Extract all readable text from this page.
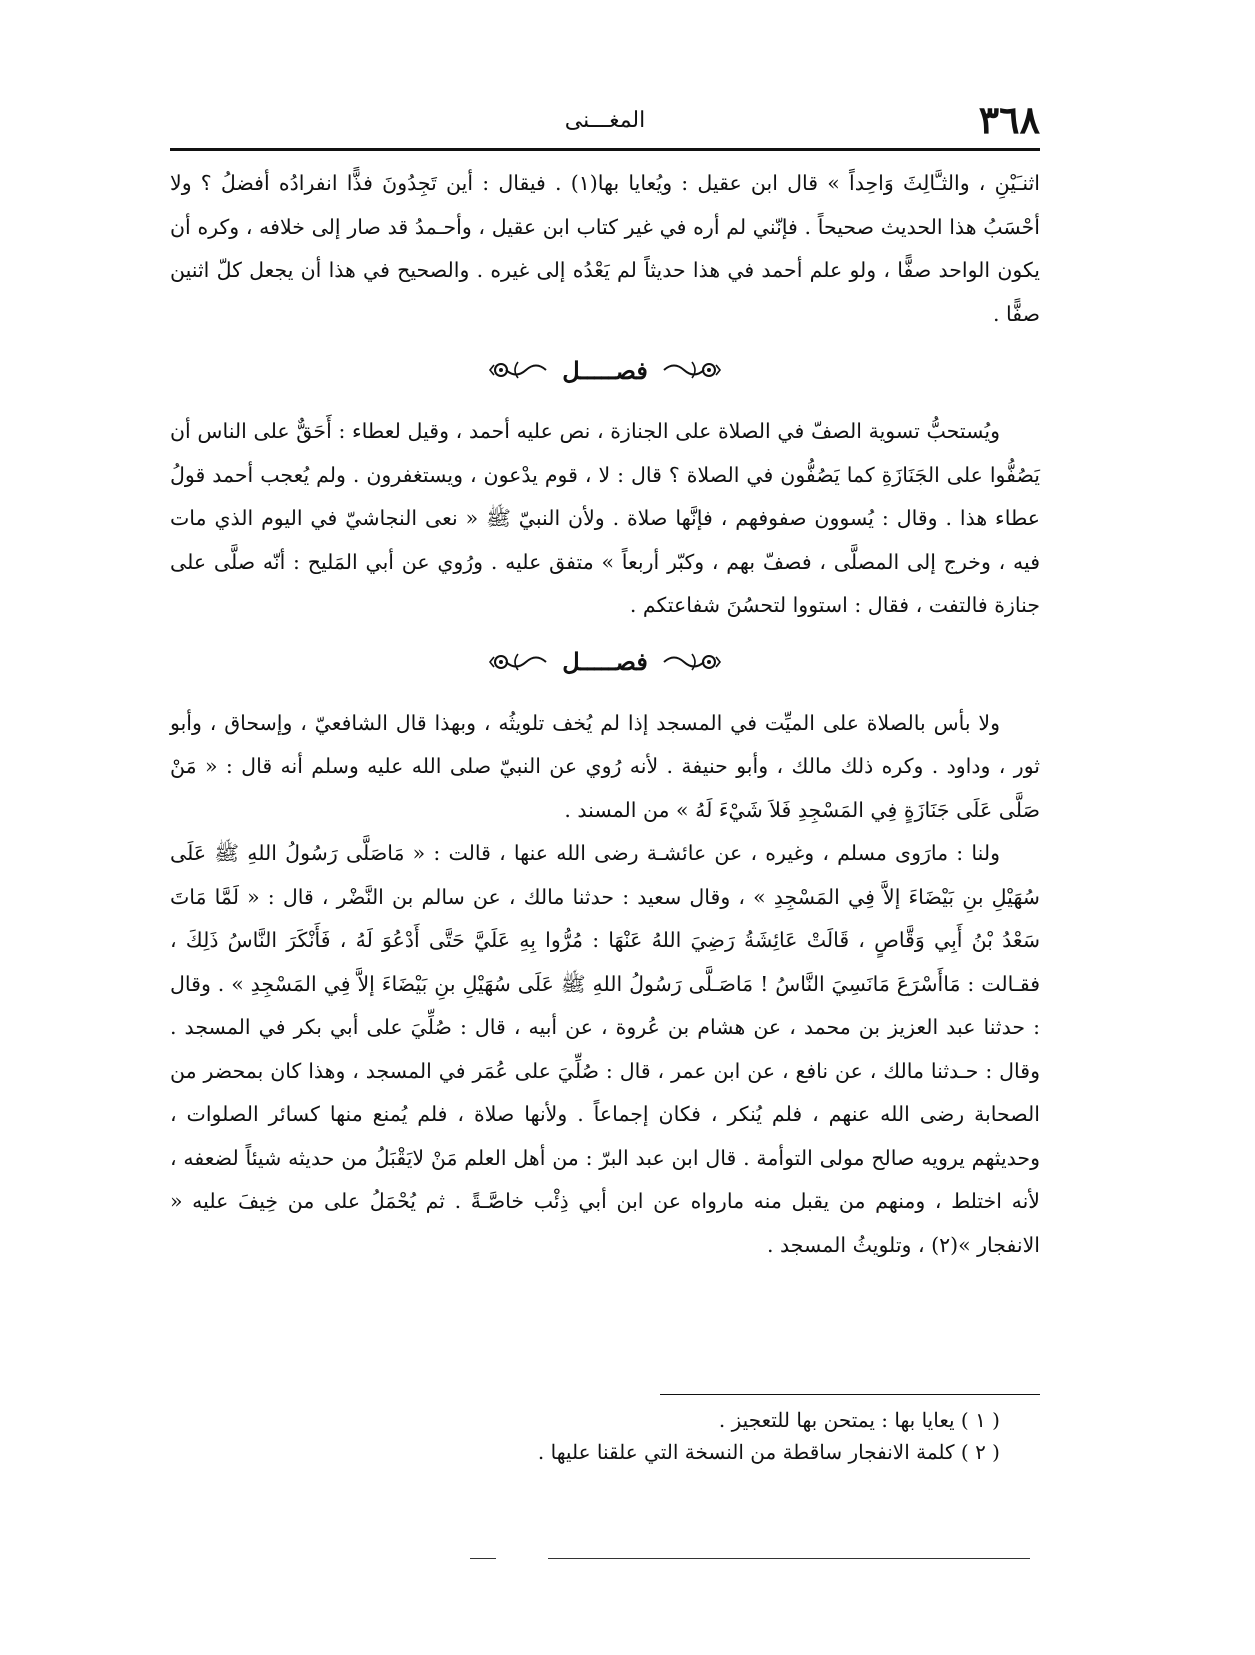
٣٦٨
المغـــنى

اثنـَيْنِ ، والثـَّالِثَ وَاحِداً » قال ابن عقيل : ويُعايا بها(١) . فيقال : أين تَجِدُونَ فذًّا انفرادُه أفضلُ ؟ ولا أحْسَبُ هذا الحديث صحيحاً . فإنّني لم أره في غير كتاب ابن عقيل ، وأحـمدُ قد صار إلى خلافه ، وكره أن يكون الواحد صفًّا ، ولو علم أحمد في هذا حديثاً لم يَعْدُه إلى غيره . والصحيح في هذا أن يجعل كلّ اثنين صفًّا .

فصـــــل

ويُستحبُّ تسوية الصفّ في الصلاة على الجنازة ، نص عليه أحمد ، وقيل لعطاء : أَحَقٌّ على الناس أن يَصُفُّوا على الجَنَازَةِ كما يَصُفُّون في الصلاة ؟ قال : لا ، قوم يدْعون ، ويستغفرون . ولم يُعجب أحمد قولُ عطاء هذا . وقال : يُسوون صفوفهم ، فإنَّها صلاة . ولأن النبيّ ﷺ « نعى النجاشيّ في اليوم الذي مات فيه ، وخرج إلى المصلَّى ، فصفّ بهم ، وكبّر أربعاً » متفق عليه . ورُوي عن أبي المَليح : أنّه صلَّى على جنازة فالتفت ، فقال : استووا لتحسُنَ شفاعتكم .

فصـــــل

ولا بأس بالصلاة على الميِّت في المسجد إذا لم يُخف تلويثُه ، وبهذا قال الشافعيّ ، وإسحاق ، وأبو ثور ، وداود . وكره ذلك مالك ، وأبو حنيفة . لأنه رُوي عن النبيّ صلى الله عليه وسلم أنه قال : « مَنْ صَلَّى عَلَى جَنَازَةٍ فِي المَسْجِدِ فَلاَ شَيْءَ لَهُ » من المسند .

ولنا : مارَوى مسلم ، وغيره ، عن عائشـة رضى الله عنها ، قالت : « مَاصَلَّى رَسُولُ اللهِ ﷺ عَلَى سُهَيْلِ بنِ بَيْضَاءَ إلاَّ فِي المَسْجِدِ » ، وقال سعيد : حدثنا مالك ، عن سالم بن النَّضْر ، قال : « لَمَّا مَاتَ سَعْدُ بْنُ أَبِي وَقَّاصٍ ، قَالَتْ عَائِشَةُ رَضِيَ اللهُ عَنْهَا : مُرُّوا بِهِ عَلَيَّ حَتَّى أَدْعُوَ لَهُ ، فَأَنْكَرَ النَّاسُ ذَلِكَ ، فقـالت : مَاأَسْرَعَ مَانَسِيَ النَّاسُ ! مَاصَـلَّى رَسُولُ اللهِ ﷺ عَلَى سُهَيْلِ بنِ بَيْضَاءَ إلاَّ فِي المَسْجِدِ » . وقال : حدثنا عبد العزيز بن محمد ، عن هشام بن عُروة ، عن أبيه ، قال : صُلِّيَ على أبي بكر في المسجد . وقال : حـدثنا مالك ، عن نافع ، عن ابن عمر ، قال : صُلِّيَ على عُمَر في المسجد ، وهذا كان بمحضر من الصحابة رضى الله عنهم ، فلم يُنكر ، فكان إجماعاً . ولأنها صلاة ، فلم يُمنع منها كسائر الصلوات ، وحديثهم يرويه صالح مولى التوأمة . قال ابن عبد البرّ : من أهل العلم مَنْ لايَقْبَلُ من حديثه شيئاً لضعفه ، لأنه اختلط ، ومنهم من يقبل منه مارواه عن ابن أبي ذِئْب خاصَّـةً . ثم يُحْمَلُ على من خِيفَ عليه « الانفجار »(٢) ، وتلويثُ المسجد .

( ١ ) يعايا بها : يمتحن بها للتعجيز .

( ٢ ) كلمة الانفجار ساقطة من النسخة التي علقنا عليها .
